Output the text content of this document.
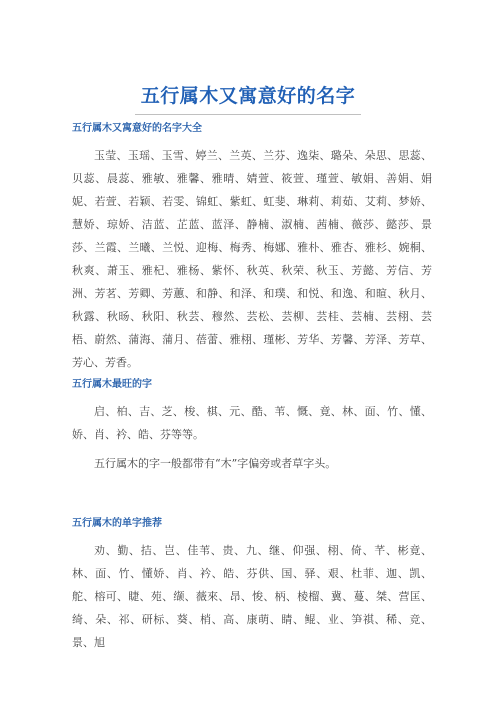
五行属木又寓意好的名字
五行属木又寓意好的名字大全

玉莹、玉瑶、玉雪、婷兰、兰英、兰芬、逸柒、璐朵、朵思、思蕊、贝蕊、晨蕊、雅敏、雅馨、雅晴、婧萱、筱萱、瑾萱、敏娟、善娟、娟妮、若萱、若颖、若雯、锦虹、紫虹、虹斐、琳莉、莉茹、艾莉、梦娇、慧娇、琼娇、洁蓝、芷蓝、蓝泽、静楠、淑楠、茜楠、薇莎、懿莎、景莎、兰霞、兰曦、兰悦、迎梅、梅秀、梅娜、雅朴、雅杏、雅杉、婉桐、秋爽、萧玉、雅杞、雅杨、紫怀、秋英、秋荣、秋玉、芳懿、芳信、芳洲、芳茗、芳卿、芳蕙、和静、和泽、和璞、和悦、和逸、和暄、秋月、秋露、秋旸、秋阳、秋芸、穆然、芸松、芸柳、芸桂、芸楠、芸栩、芸梧、蔚然、蒲海、蒲月、蓓蕾、雅栩、瑾彬、芳华、芳馨、芳泽、芳草、芳心、芳香。

五行属木最旺的字

启、柏、吉、芝、梭、棋、元、酷、苇、慨、竟、林、面、竹、懂、娇、肖、衿、皓、芬等等。

五行属木的字一般都带有“木”字偏旁或者草字头。

五行属木的单字推荐

劝、勤、拮、岂、佳苇、贵、九、继、仰强、栩、倚、芊、彬竟、林、面、竹、懂娇、肖、衿、皓、芬供、国、驿、艰、杜菲、迦、凯、舵、榕可、睫、苑、缬、薇來、昂、悛、柄、棱榴、冀、蔓、桀、营匡、绮、朵、祁、研标、葵、梢、高、康萌、睛、鲲、业、笋祺、稀、竞、景、旭
